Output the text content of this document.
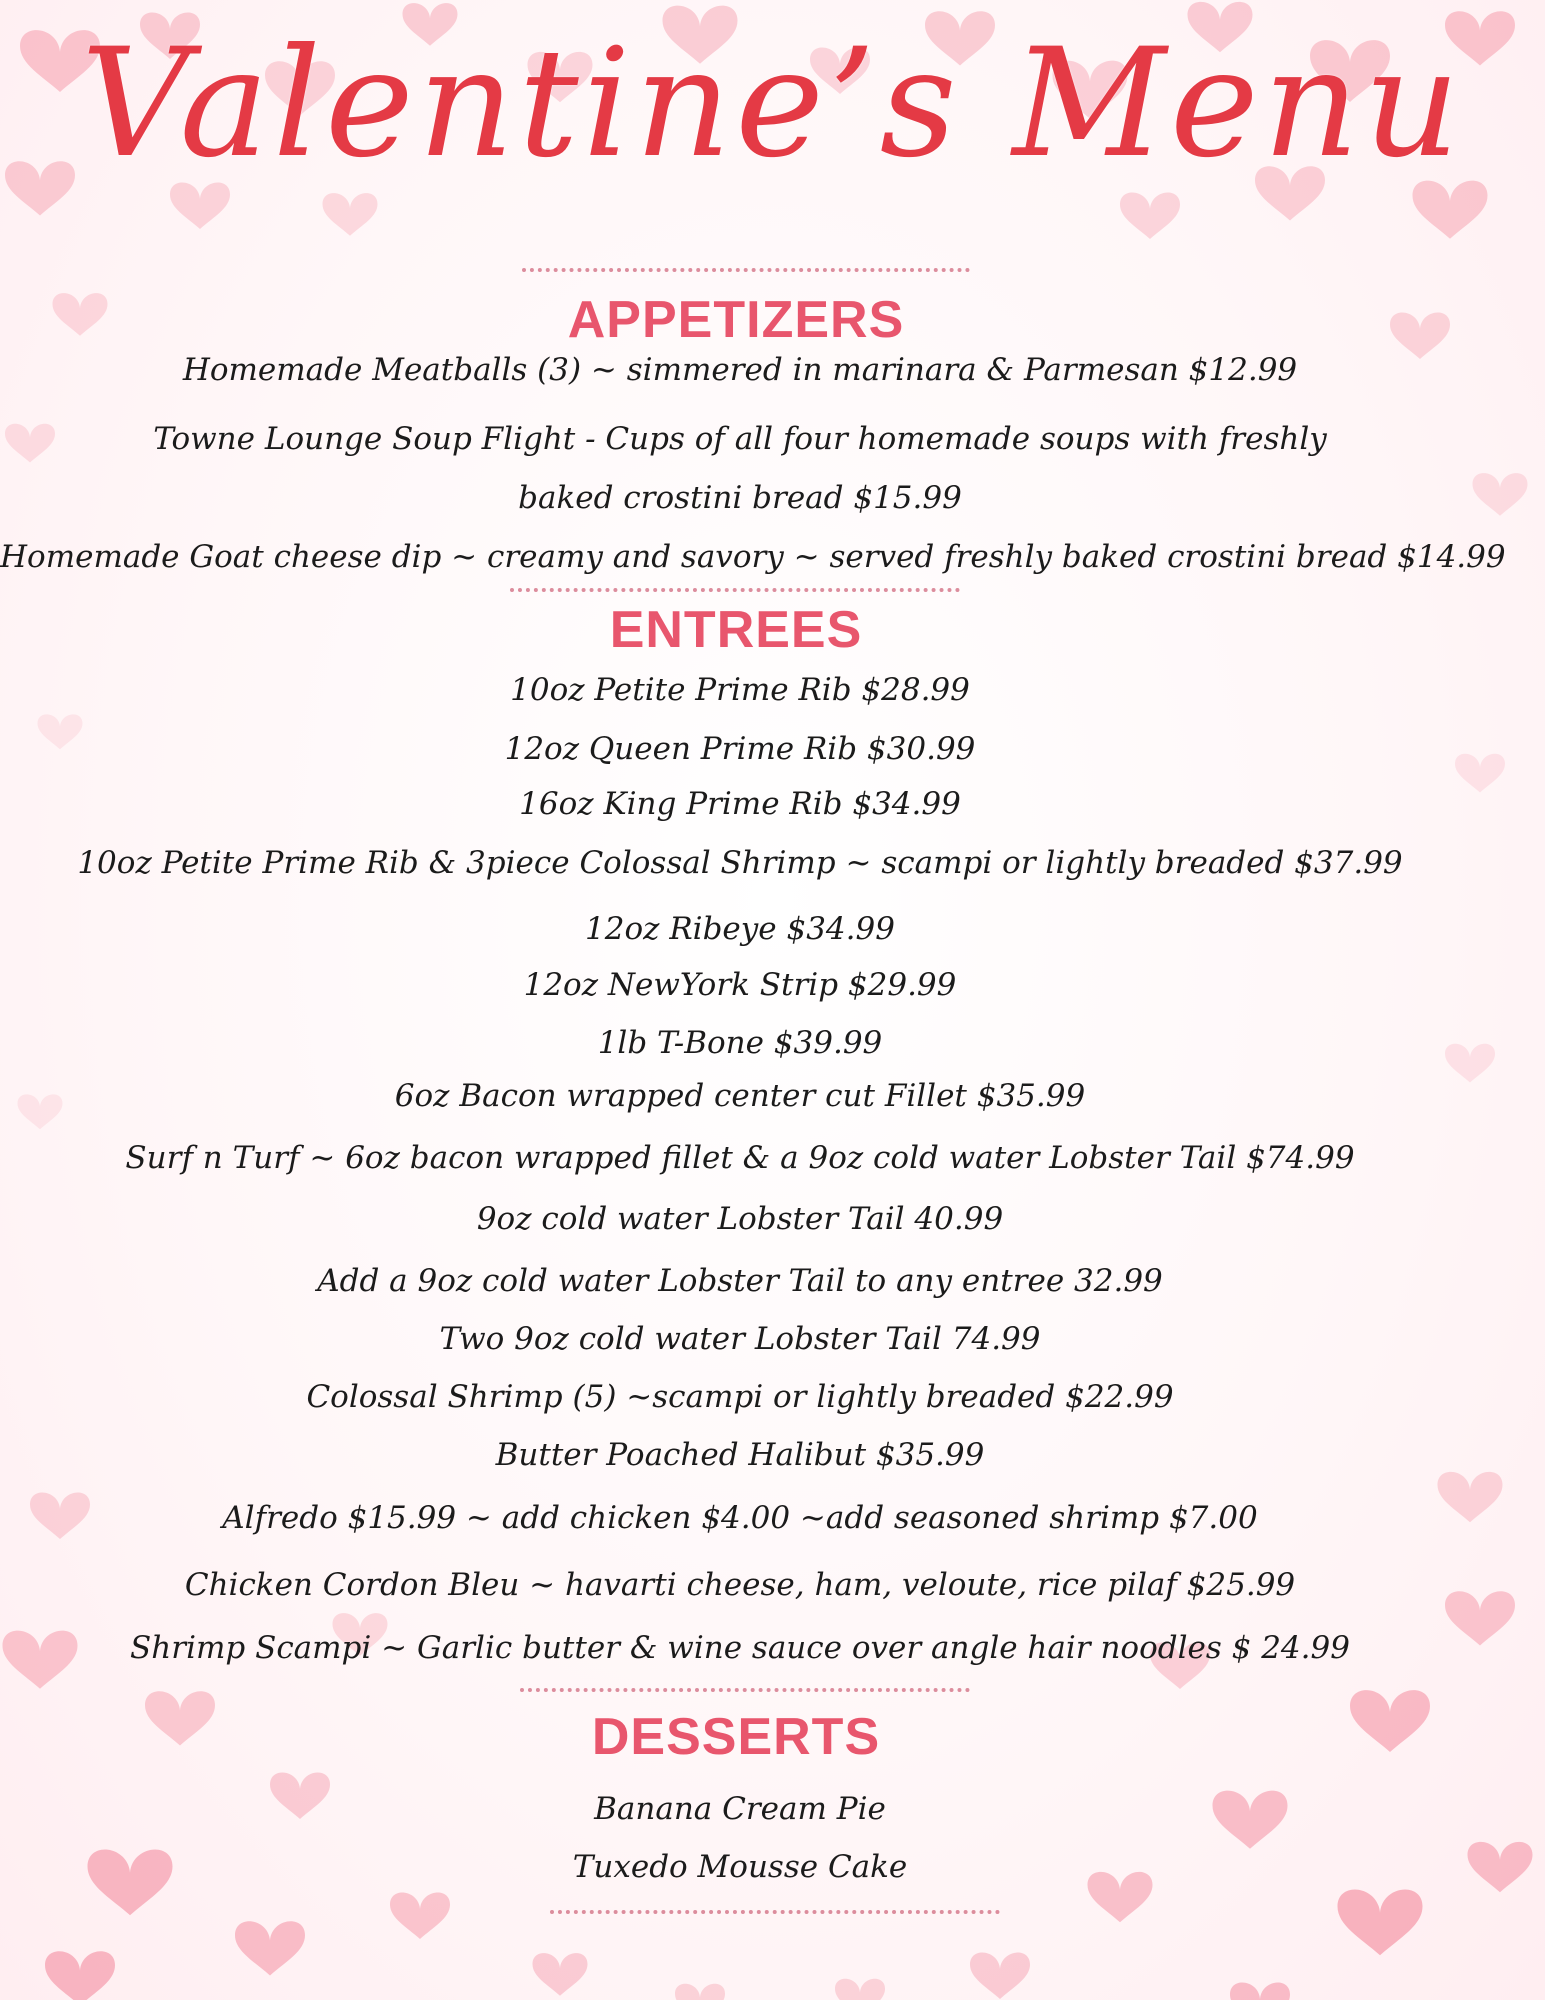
Valentine’s Menu
APPETIZERS
Homemade Meatballs (3) ~ simmered in marinara & Parmesan $12.99
Towne Lounge Soup Flight - Cups of all four homemade soups with freshly
baked crostini bread $15.99
Homemade Goat cheese dip ~ creamy and savory ~ served freshly baked crostini bread $14.99
ENTREES
10oz Petite Prime Rib $28.99
12oz Queen Prime Rib $30.99
16oz King Prime Rib $34.99
10oz Petite Prime Rib & 3piece Colossal Shrimp ~ scampi or lightly breaded $37.99
12oz Ribeye $34.99
12oz NewYork Strip $29.99
1lb T-Bone $39.99
6oz Bacon wrapped center cut Fillet $35.99
Surf n Turf ~ 6oz bacon wrapped fillet & a 9oz cold water Lobster Tail $74.99
9oz cold water Lobster Tail 40.99
Add a 9oz cold water Lobster Tail to any entree 32.99
Two 9oz cold water Lobster Tail 74.99
Colossal Shrimp (5) ~scampi or lightly breaded $22.99
Butter Poached Halibut $35.99
Alfredo $15.99 ~ add chicken $4.00 ~add seasoned shrimp $7.00
Chicken Cordon Bleu ~ havarti cheese, ham, veloute, rice pilaf $25.99
Shrimp Scampi ~ Garlic butter & wine sauce over angle hair noodles $ 24.99
DESSERTS
Banana Cream Pie
Tuxedo Mousse Cake
